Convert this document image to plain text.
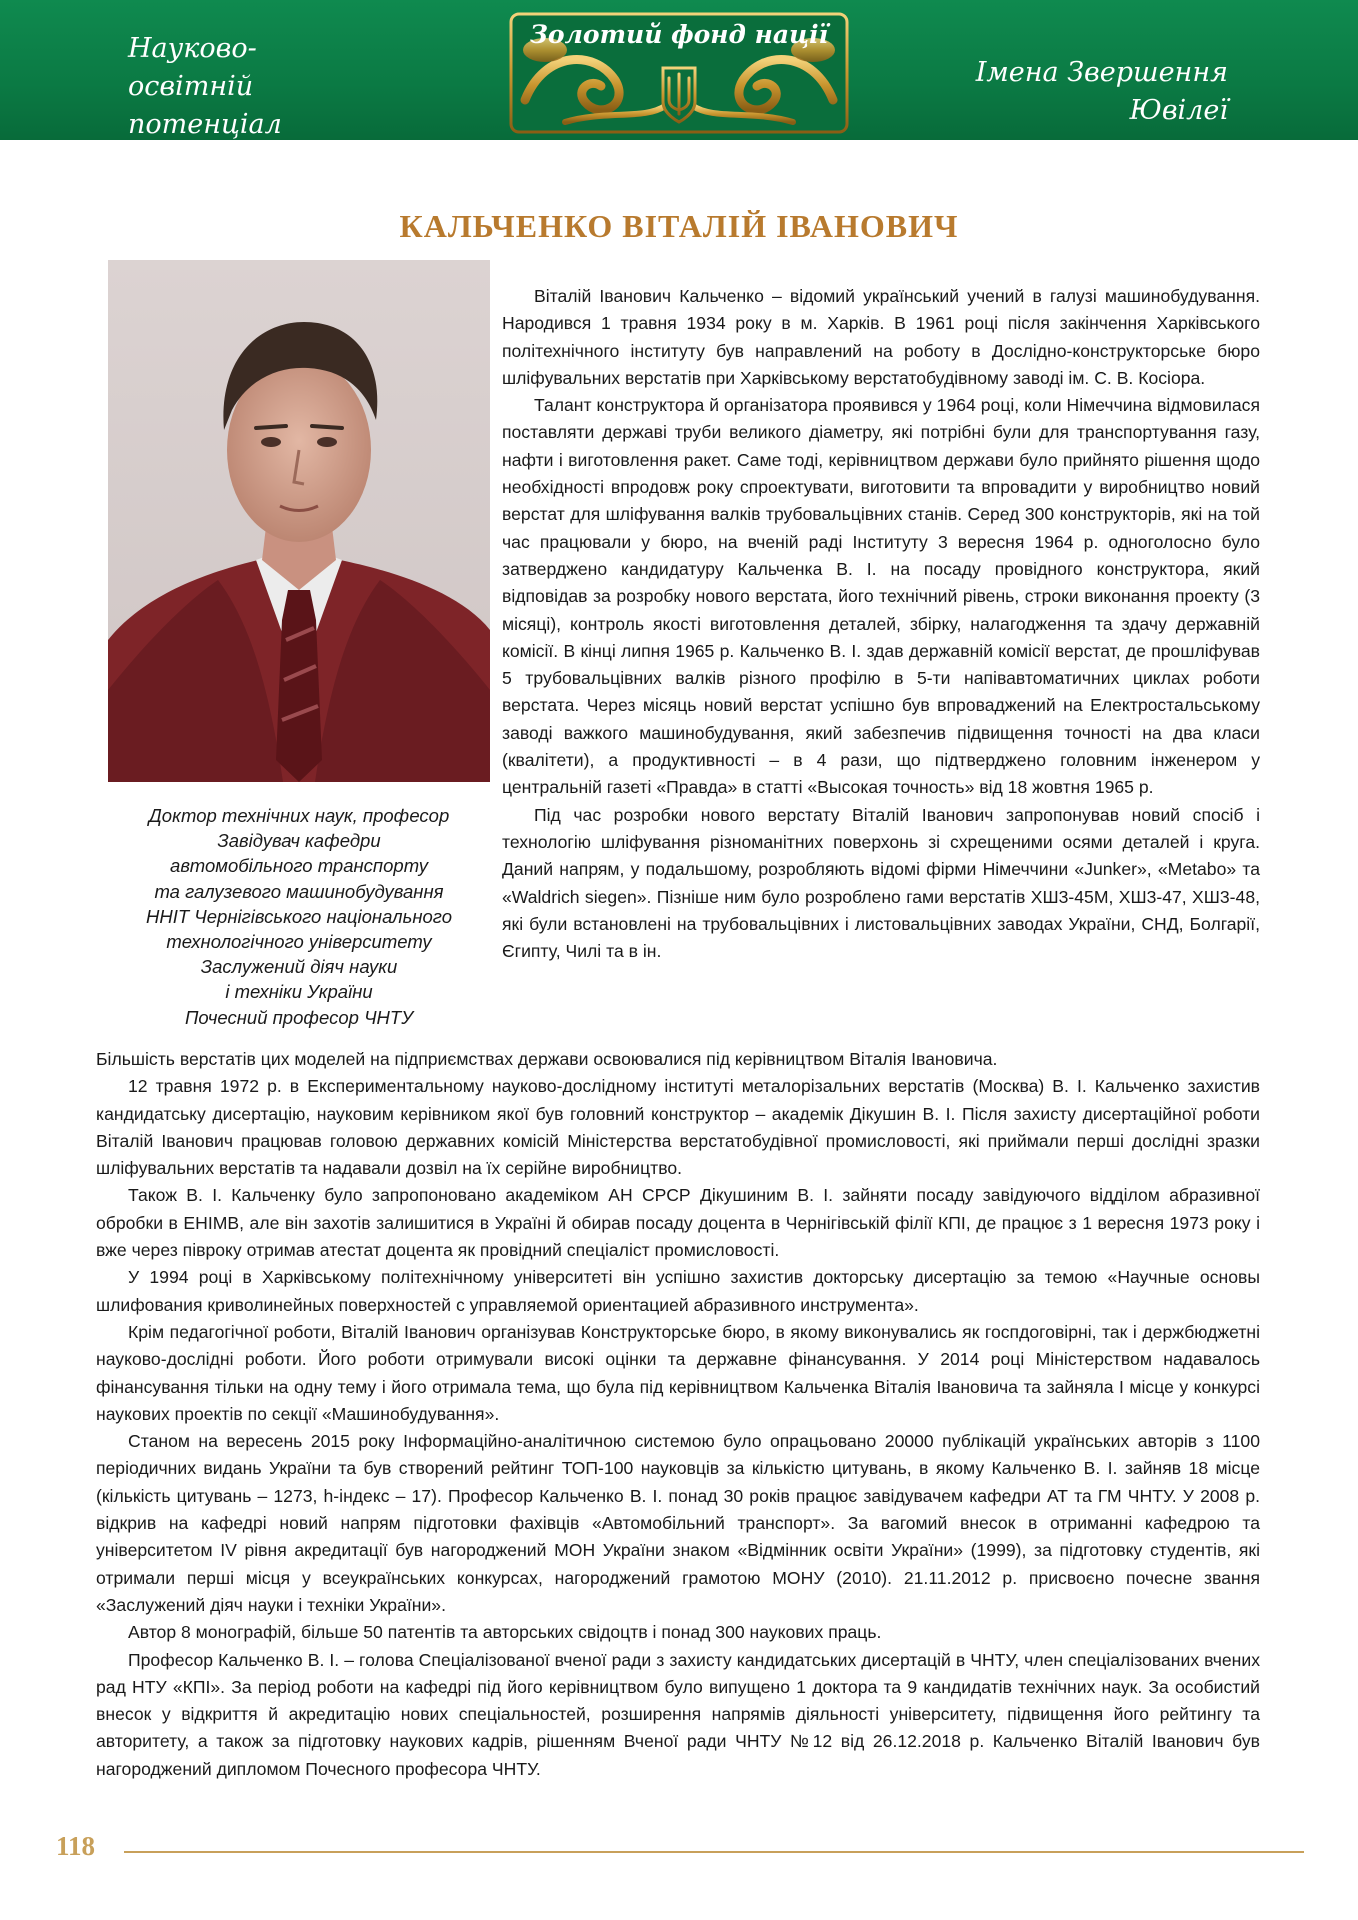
Науково-освітній
потенціал України
Золотий фонд нації
Імена Звершення Ювілеї
КАЛЬЧЕНКО ВІТАЛІЙ ІВАНОВИЧ
Доктор технічних наук, професор
Завідувач кафедри
автомобільного транспорту
та галузевого машинобудування
ННІТ Чернігівського національного
технологічного університету
Заслужений діяч науки
і техніки України
Почесний професор ЧНТУ

Віталій Іванович Кальченко – відомий український учений в галузі машинобудування. Народився 1 травня 1934 року в м. Харків. В 1961 році після закінчення Харківського політехнічного інституту був направлений на роботу в Дослідно-конструкторське бюро шліфувальних верстатів при Харківському верстатобудівному заводі ім. С. В. Косіора.

Талант конструктора й організатора проявився у 1964 році, коли Німеччина відмовилася поставляти державі труби великого діаметру, які потрібні були для транспортування газу, нафти і виготовлення ракет. Саме тоді, керівництвом держави було прийнято рішення щодо необхідності впродовж року спроектувати, виготовити та впровадити у виробництво новий верстат для шліфування валків трубовальцівних станів. Серед 300 конструкторів, які на той час працювали у бюро, на вченій раді Інституту 3 вересня 1964 р. одноголосно було затверджено кандидатуру Кальченка В. І. на посаду провідного конструктора, який відповідав за розробку нового верстата, його технічний рівень, строки виконання проекту (3 місяці), контроль якості виготовлення деталей, збірку, налагодження та здачу державній комісії. В кінці липня 1965 р. Кальченко В. І. здав державній комісії верстат, де прошліфував 5 трубовальцівних валків різного профілю в 5-ти напівавтоматичних циклах роботи верстата. Через місяць новий верстат успішно був впроваджений на Електростальському заводі важкого машинобудування, який забезпечив підвищення точності на два класи (квалітети), а продуктивності – в 4 рази, що підтверджено головним інженером у центральній газеті «Правда» в статті «Высокая точность» від 18 жовтня 1965 р.

Під час розробки нового верстату Віталій Іванович запропонував новий спосіб і технологію шліфування різноманітних поверхонь зі схрещеними осями деталей і круга. Даний напрям, у подальшому, розробляють відомі фірми Німеччини «Junker», «Metabo» та «Waldrich siegen». Пізніше ним було розроблено гами верстатів ХШ3-45М, ХШ3-47, ХШ3-48, які були встановлені на трубовальцівних і листовальцівних заводах України, СНД, Болгарії, Єгипту, Чилі та в ін.

Більшість верстатів цих моделей на підприємствах держави освоювалися під керівництвом Віталія Івановича.

12 травня 1972 р. в Експериментальному науково-дослідному інституті металорізальних верстатів (Москва) В. І. Кальченко захистив кандидатську дисертацію, науковим керівником якої був головний конструктор – академік Дікушин В. І. Після захисту дисертаційної роботи Віталій Іванович працював головою державних комісій Міністерства верстатобудівної промисловості, які приймали перші дослідні зразки шліфувальних верстатів та надавали дозвіл на їх серійне виробництво.

Також В. І. Кальченку було запропоновано академіком АН СРСР Дікушиним В. І. зайняти посаду завідуючого відділом абразивної обробки в ЕНІМВ, але він захотів залишитися в Україні й обирав посаду доцента в Чернігівській філії КПІ, де працює з 1 вересня 1973 року і вже через півроку отримав атестат доцента як провідний спеціаліст промисловості.

У 1994 році в Харківському політехнічному університеті він успішно захистив докторську дисертацію за темою «Научные основы шлифования криволинейных поверхностей с управляемой ориентацией абразивного инструмента».

Крім педагогічної роботи, Віталій Іванович організував Конструкторське бюро, в якому виконувались як госпдоговірні, так і держбюджетні науково-дослідні роботи. Його роботи отримували високі оцінки та державне фінансування. У 2014 році Міністерством надавалось фінансування тільки на одну тему і його отримала тема, що була під керівництвом Кальченка Віталія Івановича та зайняла I місце у конкурсі наукових проектів по секції «Машинобудування».

Станом на вересень 2015 року Інформаційно-аналітичною системою було опрацьовано 20000 публікацій українських авторів з 1100 періодичних видань України та був створений рейтинг ТОП-100 науковців за кількістю цитувань, в якому Кальченко В. І. зайняв 18 місце (кількість цитувань – 1273, h-індекс – 17). Професор Кальченко В. І. понад 30 років працює завідувачем кафедри АТ та ГМ ЧНТУ. У 2008 р. відкрив на кафедрі новий напрям підготовки фахівців «Автомобільний транспорт». За вагомий внесок в отриманні кафедрою та університетом IV рівня акредитації був нагороджений МОН України знаком «Відмінник освіти України» (1999), за підготовку студентів, які отримали перші місця у всеукраїнських конкурсах, нагороджений грамотою МОНУ (2010). 21.11.2012 р. присвоєно почесне звання «Заслужений діяч науки і техніки України».

Автор 8 монографій, більше 50 патентів та авторських свідоцтв і понад 300 наукових праць.

Професор Кальченко В. І. – голова Спеціалізованої вченої ради з захисту кандидатських дисертацій в ЧНТУ, член спеціалізованих вчених рад НТУ «КПІ». За період роботи на кафедрі під його керівництвом було випущено 1 доктора та 9 кандидатів технічних наук. За особистий внесок у відкриття й акредитацію нових спеціальностей, розширення напрямів діяльності університету, підвищення його рейтингу та авторитету, а також за підготовку наукових кадрів, рішенням Вченої ради ЧНТУ №12 від 26.12.2018 р. Кальченко Віталій Іванович був нагороджений дипломом Почесного професора ЧНТУ.

118
